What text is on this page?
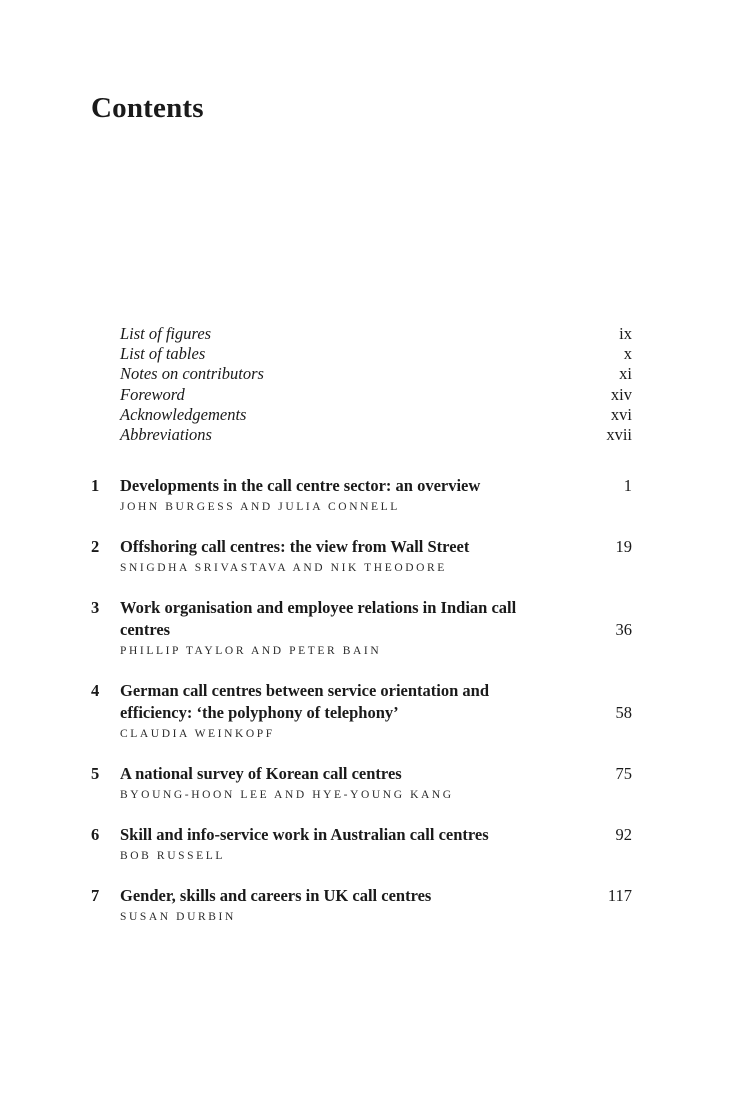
Contents
List of figures	ix
List of tables	x
Notes on contributors	xi
Foreword	xiv
Acknowledgements	xvi
Abbreviations	xvii
1	Developments in the call centre sector: an overview	1
JOHN BURGESS AND JULIA CONNELL
2	Offshoring call centres: the view from Wall Street	19
SNIGDHA SRIVASTAVA AND NIK THEODORE
3	Work organisation and employee relations in Indian call centres	36
PHILLIP TAYLOR AND PETER BAIN
4	German call centres between service orientation and efficiency: ‘the polyphony of telephony’	58
CLAUDIA WEINKOPF
5	A national survey of Korean call centres	75
BYOUNG-HOON LEE AND HYE-YOUNG KANG
6	Skill and info-service work in Australian call centres	92
BOB RUSSELL
7	Gender, skills and careers in UK call centres	117
SUSAN DURBIN
